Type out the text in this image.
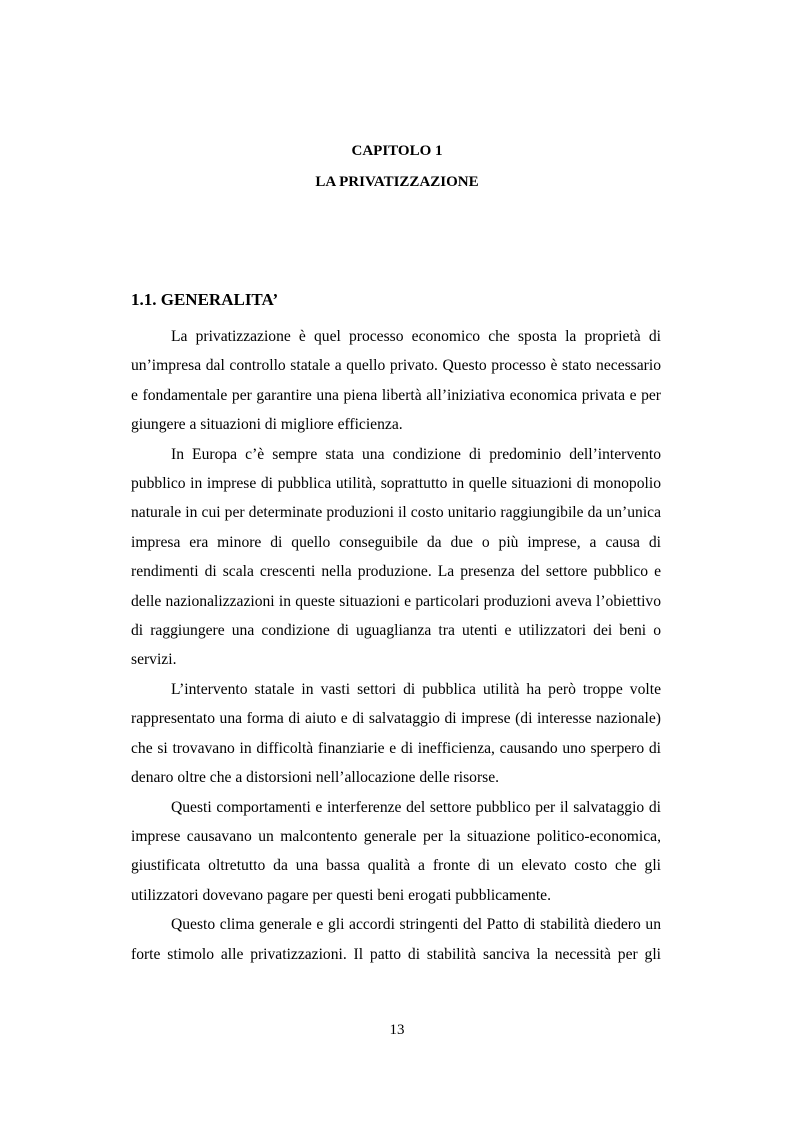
CAPITOLO 1
LA PRIVATIZZAZIONE
1.1. GENERALITA’

La privatizzazione è quel processo economico che sposta la proprietà di un’impresa dal controllo statale a quello privato. Questo processo è stato necessario e fondamentale per garantire una piena libertà all’iniziativa economica privata e per giungere a situazioni di migliore efficienza.

In Europa c’è sempre stata una condizione di predominio dell’intervento pubblico in imprese di pubblica utilità, soprattutto in quelle situazioni di monopolio naturale in cui per determinate produzioni il costo unitario raggiungibile da un’unica impresa era minore di quello conseguibile da due o più imprese, a causa di rendimenti di scala crescenti nella produzione. La presenza del settore pubblico e delle nazionalizzazioni in queste situazioni e particolari produzioni aveva l’obiettivo di raggiungere una condizione di uguaglianza tra utenti e utilizzatori dei beni o servizi.

L’intervento statale in vasti settori di pubblica utilità ha però troppe volte rappresentato una forma di aiuto e di salvataggio di imprese (di interesse nazionale) che si trovavano in difficoltà finanziarie e di inefficienza, causando uno sperpero di denaro oltre che a distorsioni nell’allocazione delle risorse.

Questi comportamenti e interferenze del settore pubblico per il salvataggio di imprese causavano un malcontento generale per la situazione politico-economica, giustificata oltretutto da una bassa qualità a fronte di un elevato costo che gli utilizzatori dovevano pagare per questi beni erogati pubblicamente.

Questo clima generale e gli accordi stringenti del Patto di stabilità diedero un forte stimolo alle privatizzazioni. Il patto di stabilità sanciva la necessità per gli

13
